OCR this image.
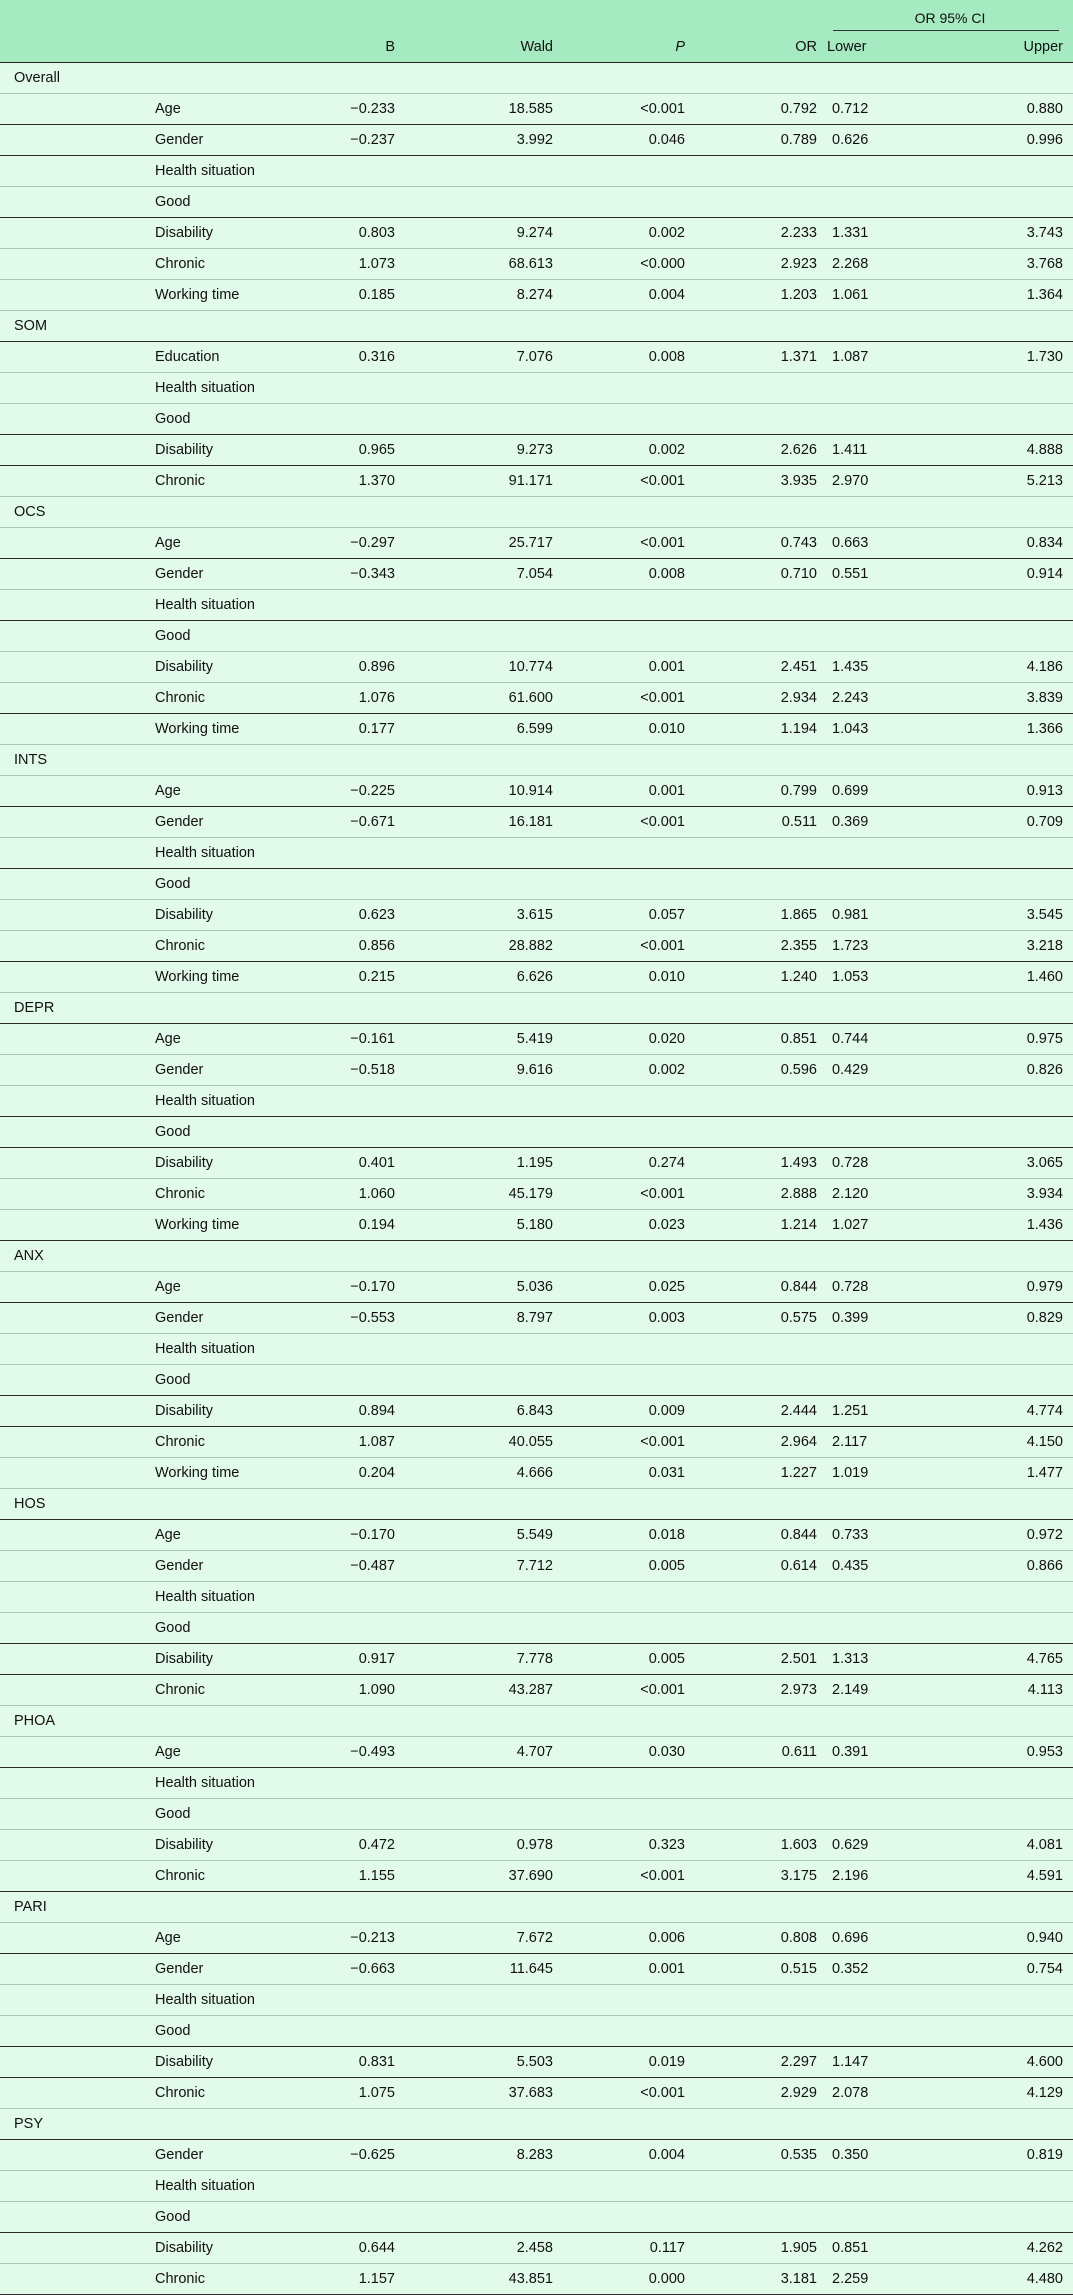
						OR 95% CI	

		B	Wald	P	OR	Lower	Upper
Overall							
	Age	−0.233	18.585	<0.001	0.792	0.712	0.880
	Gender	−0.237	3.992	0.046	0.789	0.626	0.996
	Health situation						
	Good						
	Disability	0.803	9.274	0.002	2.233	1.331	3.743
	Chronic	1.073	68.613	<0.000	2.923	2.268	3.768
	Working time	0.185	8.274	0.004	1.203	1.061	1.364
SOM							
	Education	0.316	7.076	0.008	1.371	1.087	1.730
	Health situation						
	Good						
	Disability	0.965	9.273	0.002	2.626	1.411	4.888
	Chronic	1.370	91.171	<0.001	3.935	2.970	5.213
OCS							
	Age	−0.297	25.717	<0.001	0.743	0.663	0.834
	Gender	−0.343	7.054	0.008	0.710	0.551	0.914
	Health situation						
	Good						
	Disability	0.896	10.774	0.001	2.451	1.435	4.186
	Chronic	1.076	61.600	<0.001	2.934	2.243	3.839
	Working time	0.177	6.599	0.010	1.194	1.043	1.366
INTS							
	Age	−0.225	10.914	0.001	0.799	0.699	0.913
	Gender	−0.671	16.181	<0.001	0.511	0.369	0.709
	Health situation						
	Good						
	Disability	0.623	3.615	0.057	1.865	0.981	3.545
	Chronic	0.856	28.882	<0.001	2.355	1.723	3.218
	Working time	0.215	6.626	0.010	1.240	1.053	1.460
DEPR							
	Age	−0.161	5.419	0.020	0.851	0.744	0.975
	Gender	−0.518	9.616	0.002	0.596	0.429	0.826
	Health situation						
	Good						
	Disability	0.401	1.195	0.274	1.493	0.728	3.065
	Chronic	1.060	45.179	<0.001	2.888	2.120	3.934
	Working time	0.194	5.180	0.023	1.214	1.027	1.436
ANX							
	Age	−0.170	5.036	0.025	0.844	0.728	0.979
	Gender	−0.553	8.797	0.003	0.575	0.399	0.829
	Health situation						
	Good						
	Disability	0.894	6.843	0.009	2.444	1.251	4.774
	Chronic	1.087	40.055	<0.001	2.964	2.117	4.150
	Working time	0.204	4.666	0.031	1.227	1.019	1.477
HOS							
	Age	−0.170	5.549	0.018	0.844	0.733	0.972
	Gender	−0.487	7.712	0.005	0.614	0.435	0.866
	Health situation						
	Good						
	Disability	0.917	7.778	0.005	2.501	1.313	4.765
	Chronic	1.090	43.287	<0.001	2.973	2.149	4.113
PHOA							
	Age	−0.493	4.707	0.030	0.611	0.391	0.953
	Health situation						
	Good						
	Disability	0.472	0.978	0.323	1.603	0.629	4.081
	Chronic	1.155	37.690	<0.001	3.175	2.196	4.591
PARI							
	Age	−0.213	7.672	0.006	0.808	0.696	0.940
	Gender	−0.663	11.645	0.001	0.515	0.352	0.754
	Health situation						
	Good						
	Disability	0.831	5.503	0.019	2.297	1.147	4.600
	Chronic	1.075	37.683	<0.001	2.929	2.078	4.129
PSY							
	Gender	−0.625	8.283	0.004	0.535	0.350	0.819
	Health situation						
	Good						
	Disability	0.644	2.458	0.117	1.905	0.851	4.262
	Chronic	1.157	43.851	0.000	3.181	2.259	4.480
